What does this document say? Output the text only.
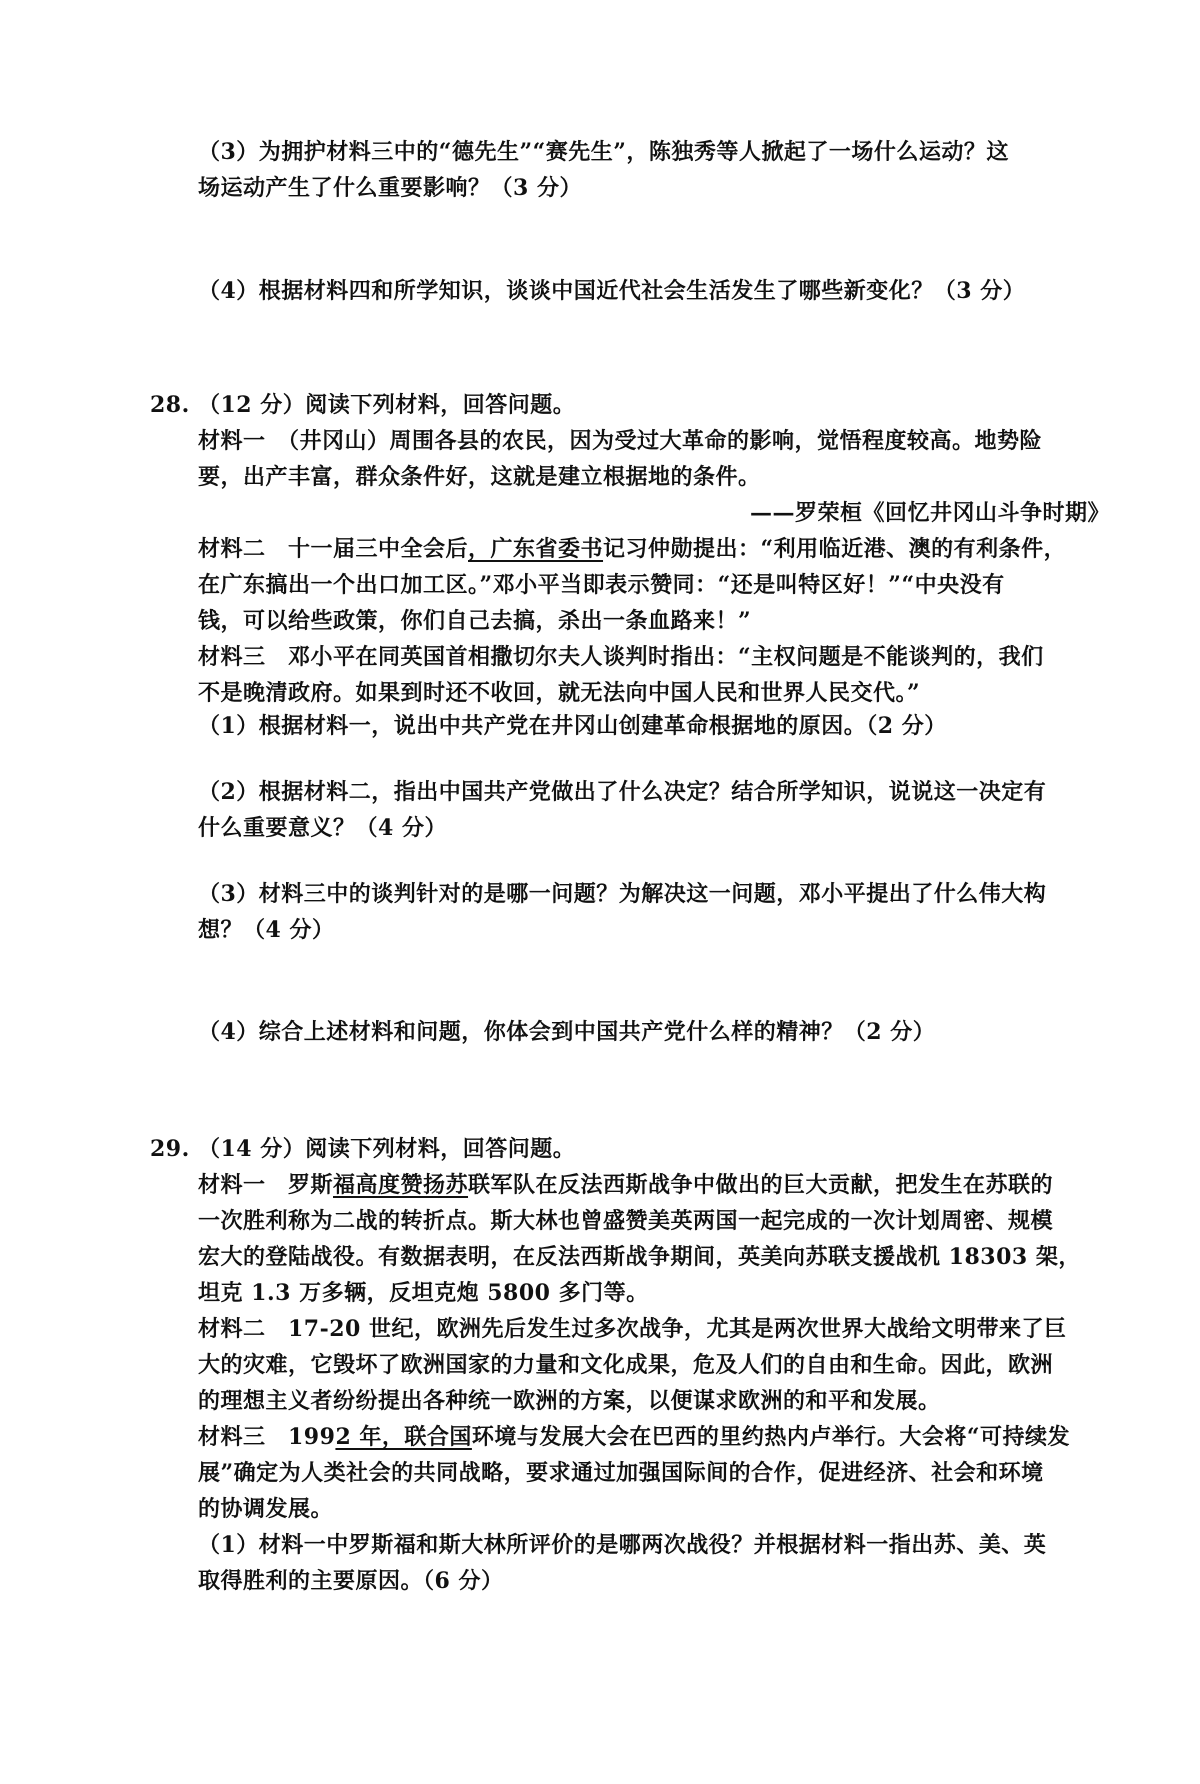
（3）为拥护材料三中的“德先生”“赛先生”，陈独秀等人掀起了一场什么运动？这
场运动产生了什么重要影响？（3 分）
（4）根据材料四和所学知识，谈谈中国近代社会生活发生了哪些新变化？（3 分）
28. （12 分）阅读下列材料，回答问题。
材料一　（井冈山）周围各县的农民，因为受过大革命的影响，觉悟程度较高。地势险
要，出产丰富，群众条件好，这就是建立根据地的条件。
——罗荣桓《回忆井冈山斗争时期》
材料二　十一届三中全会后，广东省委书记习仲勋提出：“利用临近港、澳的有利条件，
在广东搞出一个出口加工区。”邓小平当即表示赞同：“还是叫特区好！”“中央没有
钱，可以给些政策，你们自己去搞，杀出一条血路来！”
材料三　邓小平在同英国首相撒切尔夫人谈判时指出：“主权问题是不能谈判的，我们
不是晚清政府。如果到时还不收回，就无法向中国人民和世界人民交代。”
（1）根据材料一，说出中共产党在井冈山创建革命根据地的原因。（2 分）
（2）根据材料二，指出中国共产党做出了什么决定？结合所学知识，说说这一决定有
什么重要意义？（4 分）
（3）材料三中的谈判针对的是哪一问题？为解决这一问题，邓小平提出了什么伟大构
想？（4 分）
（4）综合上述材料和问题，你体会到中国共产党什么样的精神？（2 分）
29. （14 分）阅读下列材料，回答问题。
材料一　罗斯福高度赞扬苏联军队在反法西斯战争中做出的巨大贡献，把发生在苏联的
一次胜利称为二战的转折点。斯大林也曾盛赞美英两国一起完成的一次计划周密、规模
宏大的登陆战役。有数据表明，在反法西斯战争期间，英美向苏联支援战机 18303 架，
坦克 1.3 万多辆，反坦克炮 5800 多门等。
材料二　17-20 世纪，欧洲先后发生过多次战争，尤其是两次世界大战给文明带来了巨
大的灾难，它毁坏了欧洲国家的力量和文化成果，危及人们的自由和生命。因此，欧洲
的理想主义者纷纷提出各种统一欧洲的方案，以便谋求欧洲的和平和发展。
材料三　1992 年，联合国环境与发展大会在巴西的里约热内卢举行。大会将“可持续发
展”确定为人类社会的共同战略，要求通过加强国际间的合作，促进经济、社会和环境
的协调发展。
（1）材料一中罗斯福和斯大林所评价的是哪两次战役？并根据材料一指出苏、美、英
取得胜利的主要原因。（6 分）
